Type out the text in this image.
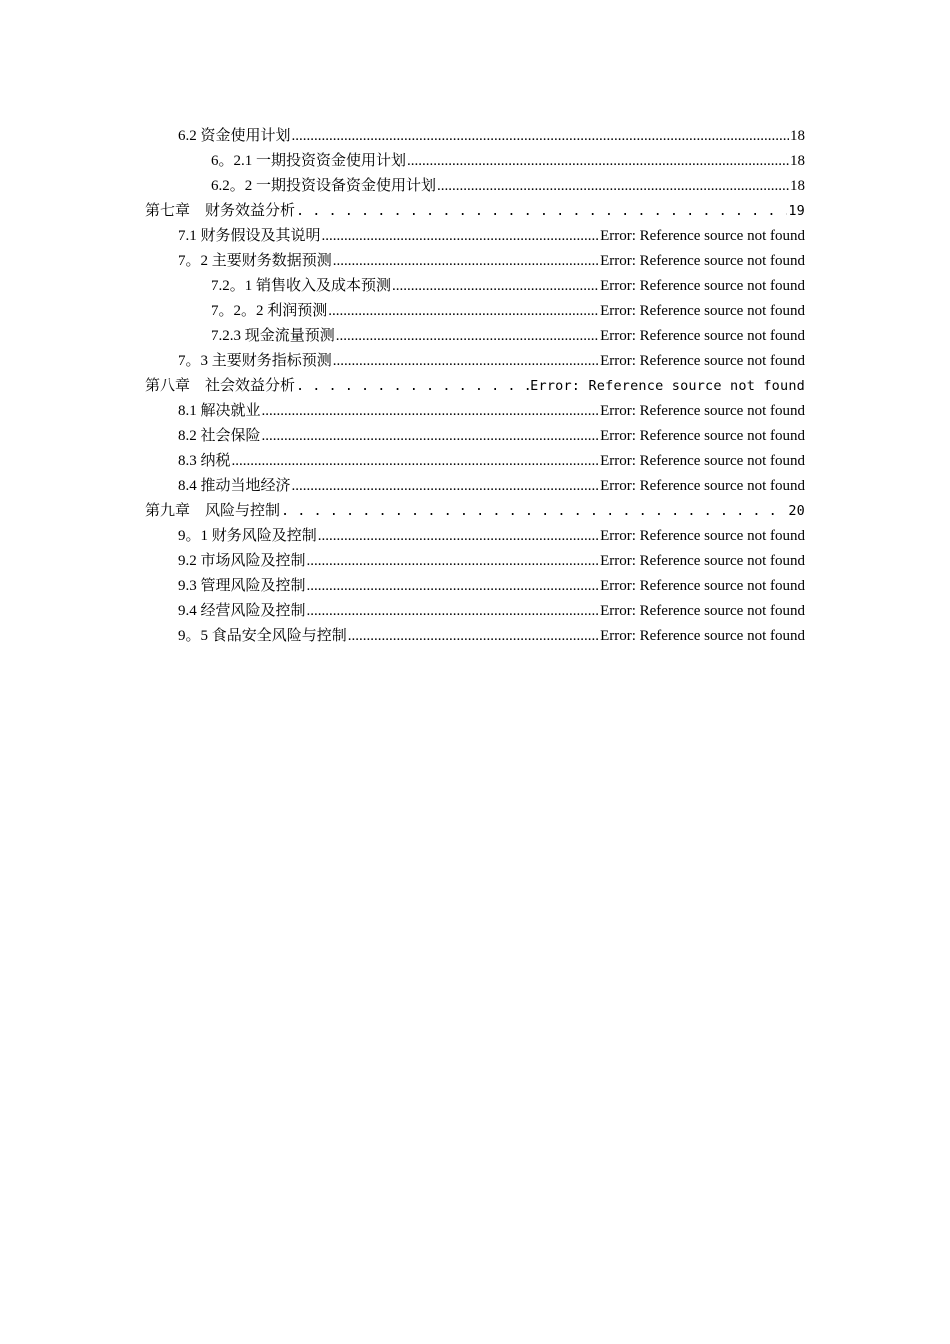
6.2 资金使用计划 .....	18
6。2.1 一期投资资金使用计划 .....	18
6.2。2 一期投资设备资金使用计划 .....	18
第七章　财务效益分析 . . .	19
7.1 财务假设及其说明 .....	Error: Reference source not found
7。2 主要财务数据预测 .....	Error: Reference source not found
7.2。1 销售收入及成本预测 .....	Error: Reference source not found
7。2。2 利润预测 .....	Error: Reference source not found
7.2.3 现金流量预测 .....	Error: Reference source not found
7。3 主要财务指标预测 .....	Error: Reference source not found
第八章　社会效益分析 . . .	Error: Reference source not found
8.1 解决就业 .....	Error: Reference source not found
8.2 社会保险 .....	Error: Reference source not found
8.3 纳税 .....	Error: Reference source not found
8.4 推动当地经济 .....	Error: Reference source not found
第九章　风险与控制 . . .	20
9。1 财务风险及控制 .....	Error: Reference source not found
9.2 市场风险及控制 .....	Error: Reference source not found
9.3 管理风险及控制 .....	Error: Reference source not found
9.4 经营风险及控制 .....	Error: Reference source not found
9。5 食品安全风险与控制 .....	Error: Reference source not found
